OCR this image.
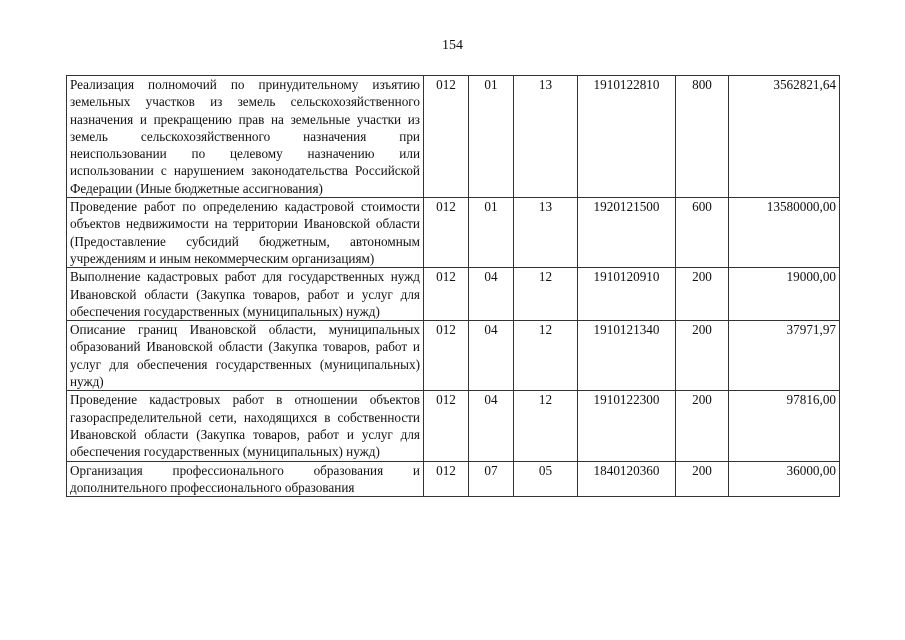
154
Реализация полномочий по принудительному изъятию земельных участков из земель сельскохозяйственного назначения и прекращению прав на земельные участки из земель сельскохозяйственного назначения при неиспользовании по целевому назначению или использовании с нарушением законодательства Российской Федерации (Иные бюджетные ассигнования)	012	01	13	1910122810	800	3562821,64
Проведение работ по определению кадастровой стоимости объектов недвижимости на территории Ивановской области (Предоставление субсидий бюджетным, автономным учреждениям и иным некоммерческим организациям)	012	01	13	1920121500	600	13580000,00
Выполнение кадастровых работ для государственных нужд Ивановской области (Закупка товаров, работ и услуг для обеспечения государственных (муниципальных) нужд)	012	04	12	1910120910	200	19000,00
Описание границ Ивановской области, муниципальных образований Ивановской области (Закупка товаров, работ и услуг для обеспечения государственных (муниципальных) нужд)	012	04	12	1910121340	200	37971,97
Проведение кадастровых работ в отношении объектов газораспределительной сети, находящихся в собственности Ивановской области (Закупка товаров, работ и услуг для обеспечения государственных (муниципальных) нужд)	012	04	12	1910122300	200	97816,00
Организация профессионального образования и дополнительного профессионального образования	012	07	05	1840120360	200	36000,00
